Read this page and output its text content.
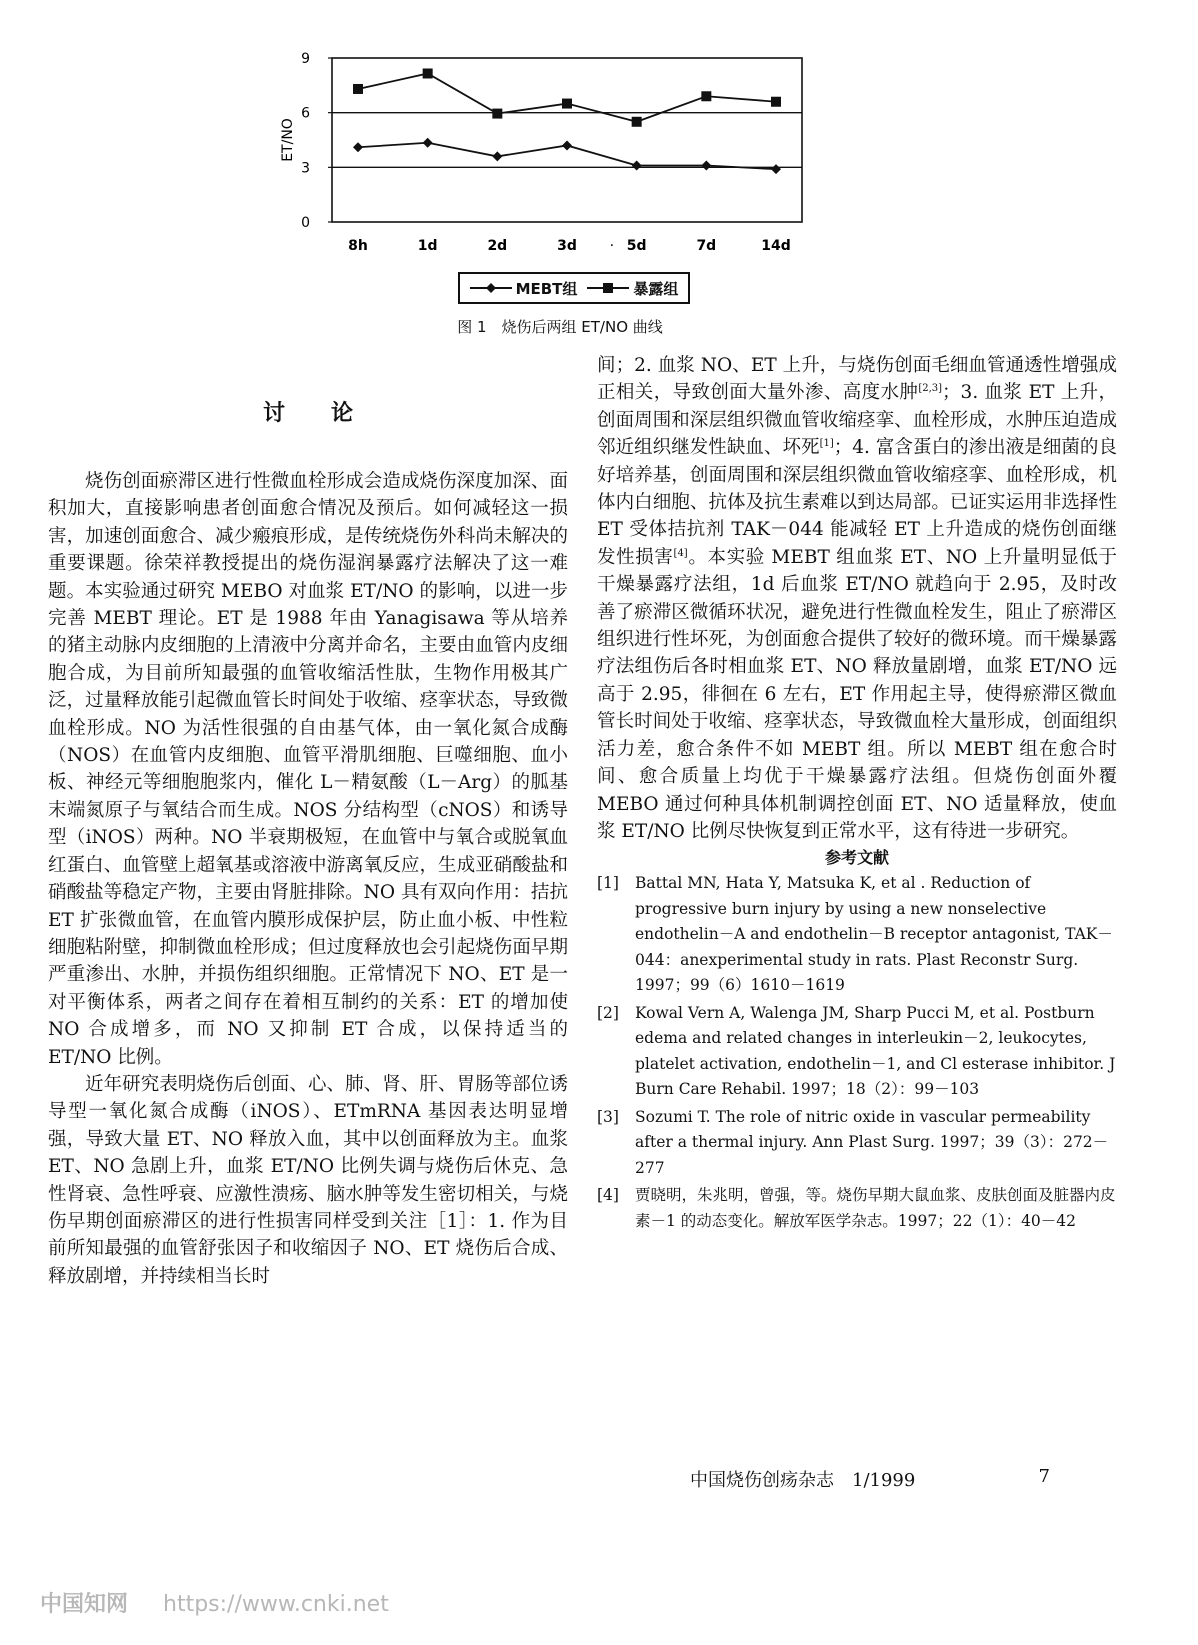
9
6
3
0
ET/NO
8h	1d	2d	3d	5d	7d	14d
·
MEBT组	暴露组
图 1　烧伤后两组 ET/NO 曲线
讨论

烧伤创面瘀滞区进行性微血栓形成会造成烧伤深度加深、面积加大，直接影响患者创面愈合情况及预后。如何减轻这一损害，加速创面愈合、减少瘢痕形成，是传统烧伤外科尚未解决的重要课题。徐荣祥教授提出的烧伤湿润暴露疗法解决了这一难题。本实验通过研究 MEBO 对血浆 ET/NO 的影响，以进一步完善 MEBT 理论。ET 是 1988 年由 Yanagisawa 等从培养的猪主动脉内皮细胞的上清液中分离并命名，主要由血管内皮细胞合成，为目前所知最强的血管收缩活性肽，生物作用极其广泛，过量释放能引起微血管长时间处于收缩、痉挛状态，导致微血栓形成。NO 为活性很强的自由基气体，由一氧化氮合成酶（NOS）在血管内皮细胞、血管平滑肌细胞、巨噬细胞、血小板、神经元等细胞胞浆内，催化 L－精氨酸（L－Arg）的胍基末端氮原子与氧结合而生成。NOS 分结构型（cNOS）和诱导型（iNOS）两种。NO 半衰期极短，在血管中与氧合或脱氧血红蛋白、血管壁上超氧基或溶液中游离氧反应，生成亚硝酸盐和硝酸盐等稳定产物，主要由肾脏排除。NO 具有双向作用：拮抗 ET 扩张微血管，在血管内膜形成保护层，防止血小板、中性粒细胞粘附壁，抑制微血栓形成；但过度释放也会引起烧伤面早期严重渗出、水肿，并损伤组织细胞。正常情况下 NO、ET 是一对平衡体系，两者之间存在着相互制约的关系：ET 的增加使 NO 合成增多，而 NO 又抑制 ET 合成，以保持适当的 ET/NO 比例。

近年研究表明烧伤后创面、心、肺、肾、肝、胃肠等部位诱导型一氧化氮合成酶（iNOS）、ETmRNA 基因表达明显增强，导致大量 ET、NO 释放入血，其中以创面释放为主。血浆 ET、NO 急剧上升，血浆 ET/NO 比例失调与烧伤后休克、急性肾衰、急性呼衰、应激性溃疡、脑水肿等发生密切相关，与烧伤早期创面瘀滞区的进行性损害同样受到关注［1］：1. 作为目前所知最强的血管舒张因子和收缩因子 NO、ET 烧伤后合成、释放剧增，并持续相当长时

间；2. 血浆 NO、ET 上升，与烧伤创面毛细血管通透性增强成正相关，导致创面大量外渗、高度水肿[2,3]；3. 血浆 ET 上升，创面周围和深层组织微血管收缩痉挛、血栓形成，水肿压迫造成邻近组织继发性缺血、坏死[1]；4. 富含蛋白的渗出液是细菌的良好培养基，创面周围和深层组织微血管收缩痉挛、血栓形成，机体内白细胞、抗体及抗生素难以到达局部。已证实运用非选择性 ET 受体拮抗剂 TAK－044 能减轻 ET 上升造成的烧伤创面继发性损害[4]。本实验 MEBT 组血浆 ET、NO 上升量明显低于干燥暴露疗法组，1d 后血浆 ET/NO 就趋向于 2.95，及时改善了瘀滞区微循环状况，避免进行性微血栓发生，阻止了瘀滞区组织进行性坏死，为创面愈合提供了较好的微环境。而干燥暴露疗法组伤后各时相血浆 ET、NO 释放量剧增，血浆 ET/NO 远高于 2.95，徘徊在 6 左右，ET 作用起主导，使得瘀滞区微血管长时间处于收缩、痉挛状态，导致微血栓大量形成，创面组织活力差，愈合条件不如 MEBT 组。所以 MEBT 组在愈合时间、愈合质量上均优于干燥暴露疗法组。但烧伤创面外覆 MEBO 通过何种具体机制调控创面 ET、NO 适量释放，使血浆 ET/NO 比例尽快恢复到正常水平，这有待进一步研究。

参考文献
[1]	Battal MN, Hata Y, Matsuka K, et al . Reduction of progressive burn injury by using a new nonselective endothelin－A and endothelin－B receptor antagonist, TAK－044：anexperimental study in rats. Plast Reconstr Surg. 1997；99（6）1610－1619
[2]	Kowal Vern A, Walenga JM, Sharp Pucci M, et al. Postburn edema and related changes in interleukin－2, leukocytes, platelet activation, endothelin－1, and Cl esterase inhibitor. J Burn Care Rehabil. 1997；18（2）：99－103
[3]	Sozumi T. The role of nitric oxide in vascular permeability after a thermal injury. Ann Plast Surg. 1997；39（3）：272－277
[4]	贾晓明，朱兆明，曾强，等。烧伤早期大鼠血浆、皮肤创面及脏器内皮素－1 的动态变化。解放军医学杂志。1997；22（1）：40－42
中国烧伤创疡杂志　1/1999	7
中国知网 https://www.cnki.net
